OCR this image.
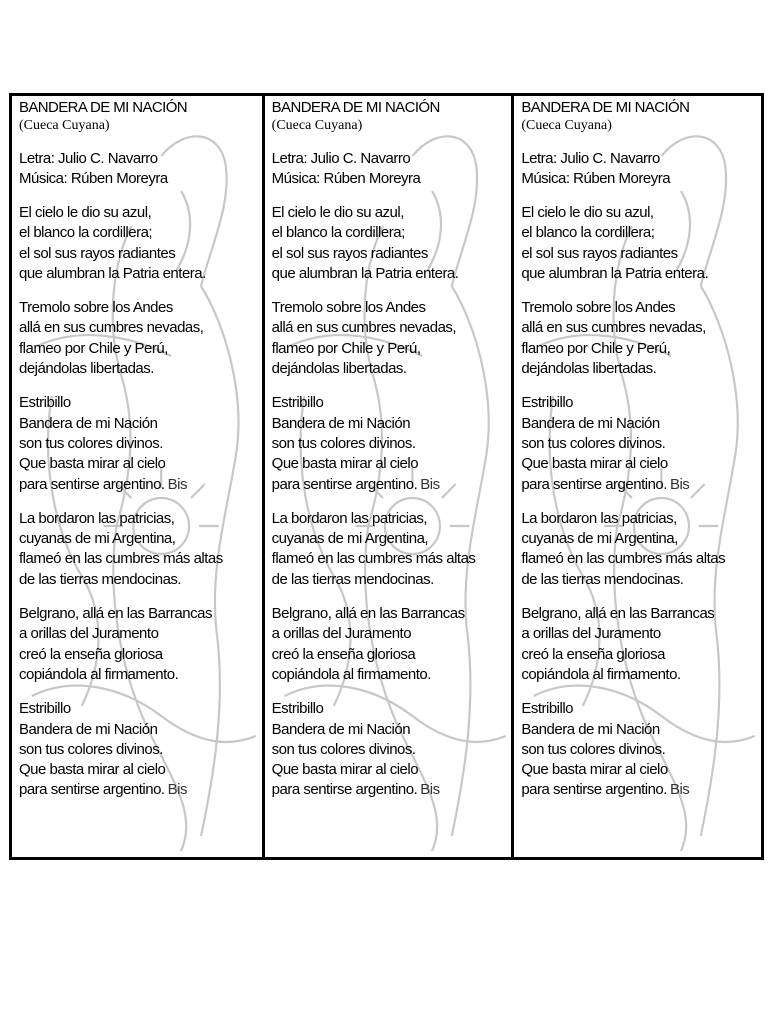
BANDERA DE MI NACIÓN
(Cueca Cuyana)
Letra: Julio C. Navarro
Música: Rúben Moreyra
El cielo le dio su azul,
el blanco la cordillera;
el sol sus rayos radiantes
que alumbran la Patria entera.
Tremolo sobre los Andes
allá en sus cumbres nevadas,
flameo por Chile y Perú,
dejándolas libertadas.
Estribillo
Bandera de mi Nación
son tus colores divinos.
Que basta mirar al cielo
para sentirse argentino. Bis
La bordaron las patricias,
cuyanas de mi Argentina,
flameó en las cumbres más altas
de las tierras mendocinas.
Belgrano, allá en las Barrancas
a orillas del Juramento
creó la enseña gloriosa
copiándola al firmamento.
Estribillo
Bandera de mi Nación
son tus colores divinos.
Que basta mirar al cielo
para sentirse argentino. Bis
BANDERA DE MI NACIÓN
(Cueca Cuyana)
Letra: Julio C. Navarro
Música: Rúben Moreyra
El cielo le dio su azul,
el blanco la cordillera;
el sol sus rayos radiantes
que alumbran la Patria entera.
Tremolo sobre los Andes
allá en sus cumbres nevadas,
flameo por Chile y Perú,
dejándolas libertadas.
Estribillo
Bandera de mi Nación
son tus colores divinos.
Que basta mirar al cielo
para sentirse argentino. Bis
La bordaron las patricias,
cuyanas de mi Argentina,
flameó en las cumbres más altas
de las tierras mendocinas.
Belgrano, allá en las Barrancas
a orillas del Juramento
creó la enseña gloriosa
copiándola al firmamento.
Estribillo
Bandera de mi Nación
son tus colores divinos.
Que basta mirar al cielo
para sentirse argentino. Bis
BANDERA DE MI NACIÓN
(Cueca Cuyana)
Letra: Julio C. Navarro
Música: Rúben Moreyra
El cielo le dio su azul,
el blanco la cordillera;
el sol sus rayos radiantes
que alumbran la Patria entera.
Tremolo sobre los Andes
allá en sus cumbres nevadas,
flameo por Chile y Perú,
dejándolas libertadas.
Estribillo
Bandera de mi Nación
son tus colores divinos.
Que basta mirar al cielo
para sentirse argentino. Bis
La bordaron las patricias,
cuyanas de mi Argentina,
flameó en las cumbres más altas
de las tierras mendocinas.
Belgrano, allá en las Barrancas
a orillas del Juramento
creó la enseña gloriosa
copiándola al firmamento.
Estribillo
Bandera de mi Nación
son tus colores divinos.
Que basta mirar al cielo
para sentirse argentino. Bis
